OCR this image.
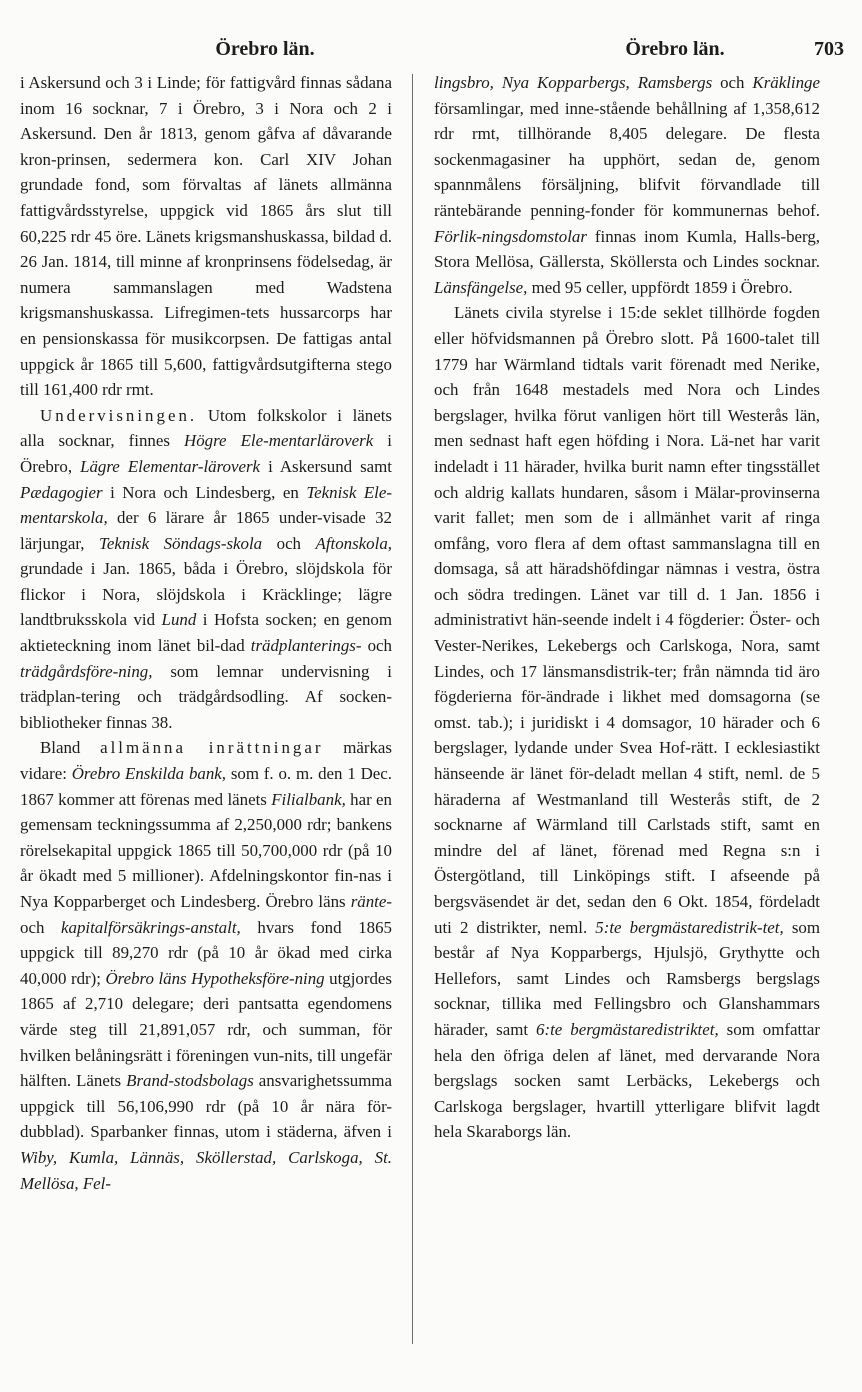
Örebro län.	Örebro län.	703

i Askersund och 3 i Linde; för fattigvård finnas sådana inom 16 socknar, 7 i Örebro, 3 i Nora och 2 i Askersund. Den år 1813, genom gåfva af dåvarande kron-prinsen, sedermera kon. Carl XIV Johan grundade fond, som förvaltas af länets allmänna fattigvårdsstyrelse, uppgick vid 1865 års slut till 60,225 rdr 45 öre. Länets krigsmanshuskassa, bildad d. 26 Jan. 1814, till minne af kronprinsens födelsedag, är numera sammanslagen med Wadstena krigsmanshuskassa. Lifregimen-tets hussarcorps har en pensionskassa för musikcorpsen. De fattigas antal uppgick år 1865 till 5,600, fattigvårdsutgifterna stego till 161,400 rdr rmt.

Undervisningen. Utom folkskolor i länets alla socknar, finnes Högre Ele-mentarläroverk i Örebro, Lägre Elementar-läroverk i Askersund samt Pædagogier i Nora och Lindesberg, en Teknisk Ele-mentarskola, der 6 lärare år 1865 under-visade 32 lärjungar, Teknisk Söndags-skola och Aftonskola, grundade i Jan. 1865, båda i Örebro, slöjdskola för flickor i Nora, slöjdskola i Kräcklinge; lägre landtbruksskola vid Lund i Hofsta socken; en genom aktieteckning inom länet bil-dad trädplanterings- och trädgårdsföre-ning, som lemnar undervisning i trädplan-tering och trädgårdsodling. Af socken-bibliotheker finnas 38.

Bland allmänna inrättningar märkas vidare: Örebro Enskilda bank, som f. o. m. den 1 Dec. 1867 kommer att förenas med länets Filialbank, har en gemensam teckningssumma af 2,250,000 rdr; bankens rörelsekapital uppgick 1865 till 50,700,000 rdr (på 10 år ökadt med 5 millioner). Afdelningskontor fin-nas i Nya Kopparberget och Lindesberg. Örebro läns ränte- och kapitalförsäkrings-anstalt, hvars fond 1865 uppgick till 89,270 rdr (på 10 år ökad med cirka 40,000 rdr); Örebro läns Hypotheksföre-ning utgjordes 1865 af 2,710 delegare; deri pantsatta egendomens värde steg till 21,891,057 rdr, och summan, för hvilken belåningsrätt i föreningen vun-nits, till ungefär hälften. Länets Brand-stodsbolags ansvarighetssumma uppgick till 56,106,990 rdr (på 10 år nära för-dubblad). Sparbanker finnas, utom i städerna, äfven i Wiby, Kumla, Lännäs, Sköllerstad, Carlskoga, St. Mellösa, Fel-

lingsbro, Nya Kopparbergs, Ramsbergs och Kräklinge församlingar, med inne-stående behållning af 1,358,612 rdr rmt, tillhörande 8,405 delegare. De flesta sockenmagasiner ha upphört, sedan de, genom spannmålens försäljning, blifvit förvandlade till räntebärande penning-fonder för kommunernas behof. Förlik-ningsdomstolar finnas inom Kumla, Halls-berg, Stora Mellösa, Gällersta, Sköllersta och Lindes socknar. Länsfängelse, med 95 celler, uppfördt 1859 i Örebro.

Länets civila styrelse i 15:de seklet tillhörde fogden eller höfvidsmannen på Örebro slott. På 1600-talet till 1779 har Wärmland tidtals varit förenadt med Nerike, och från 1648 mestadels med Nora och Lindes bergslager, hvilka förut vanligen hört till Westerås län, men sednast haft egen höfding i Nora. Lä-net har varit indeladt i 11 härader, hvilka burit namn efter tingsstället och aldrig kallats hundaren, såsom i Mälar-provinserna varit fallet; men som de i allmänhet varit af ringa omfång, voro flera af dem oftast sammanslagna till en domsaga, så att häradshöfdingar nämnas i vestra, östra och södra tredingen. Länet var till d. 1 Jan. 1856 i administrativt hän-seende indelt i 4 fögderier: Öster- och Vester-Nerikes, Lekebergs och Carlskoga, Nora, samt Lindes, och 17 länsmansdistrik-ter; från nämnda tid äro fögderierna för-ändrade i likhet med domsagorna (se omst. tab.); i juridiskt i 4 domsagor, 10 härader och 6 bergslager, lydande under Svea Hof-rätt. I ecklesiastikt hänseende är länet för-deladt mellan 4 stift, neml. de 5 häraderna af Westmanland till Westerås stift, de 2 socknarne af Wärmland till Carlstads stift, samt en mindre del af länet, förenad med Regna s:n i Östergötland, till Linköpings stift. I afseende på bergsväsendet är det, sedan den 6 Okt. 1854, fördeladt uti 2 distrikter, neml. 5:te bergmästaredistrik-tet, som består af Nya Kopparbergs, Hjulsjö, Grythytte och Hellefors, samt Lindes och Ramsbergs bergslags socknar, tillika med Fellingsbro och Glanshammars härader, samt 6:te bergmästaredistriktet, som omfattar hela den öfriga delen af länet, med dervarande Nora bergslags socken samt Lerbäcks, Lekebergs och Carlskoga bergslager, hvartill ytterligare blifvit lagdt hela Skaraborgs län.
